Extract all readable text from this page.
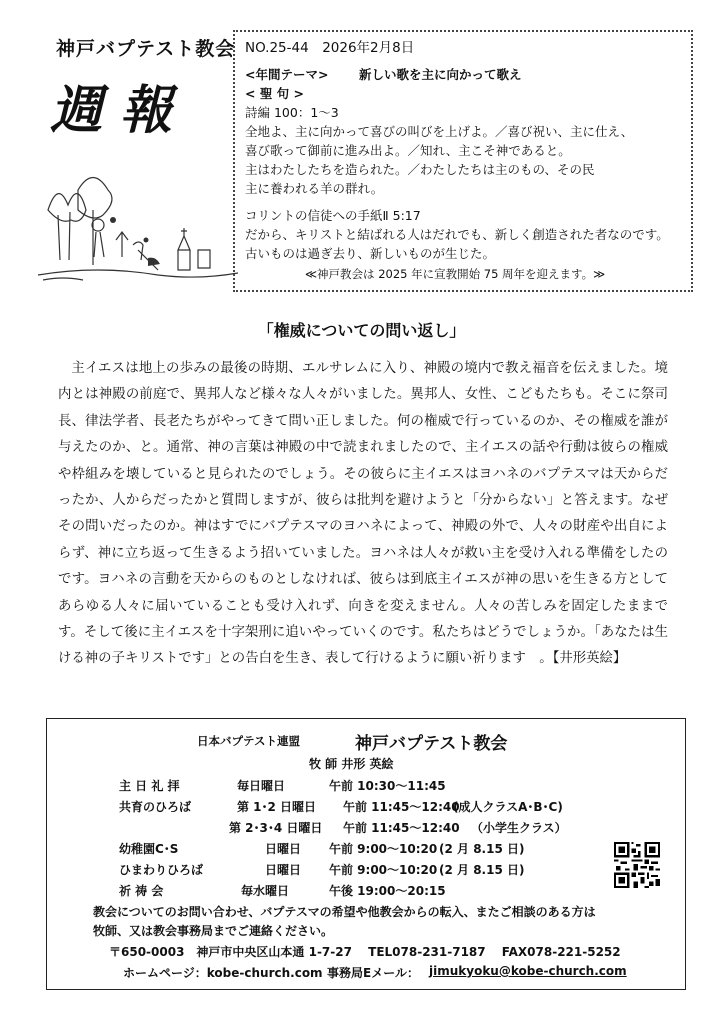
神戸バプテスト教会
週報
NO.25-44　2026年2月8日
<年間テーマ> 新しい歌を主に向かって歌え
< 聖 句 >
詩編 100：1～3
全地よ、主に向かって喜びの叫びを上げよ。／喜び祝い、主に仕え、
喜び歌って御前に進み出よ。／知れ、主こそ神であると。
主はわたしたちを造られた。／わたしたちは主のもの、その民
主に養われる羊の群れ。
コリントの信徒への手紙Ⅱ 5:17
だから、キリストと結ばれる人はだれでも、新しく創造された者なのです。
古いものは過ぎ去り、新しいものが生じた。
≪神戸教会は 2025 年に宣教開始 75 周年を迎えます。≫
「権威についての問い返し」

主イエスは地上の歩みの最後の時期、エルサレムに入り、神殿の境内で教え福音を伝えました。境内とは神殿の前庭で、異邦人など様々な人々がいました。異邦人、女性、こどもたちも。そこに祭司長、律法学者、長老たちがやってきて問い正しました。何の権威で行っているのか、その権威を誰が与えたのか、と。通常、神の言葉は神殿の中で読まれましたので、主イエスの話や行動は彼らの権威や枠組みを壊していると見られたのでしょう。その彼らに主イエスはヨハネのバプテスマは天からだったか、人からだったかと質問しますが、彼らは批判を避けようと「分からない」と答えます。なぜその問いだったのか。神はすでにバプテスマのヨハネによって、神殿の外で、人々の財産や出自によらず、神に立ち返って生きるよう招いていました。ヨハネは人々が救い主を受け入れる準備をしたのです。ヨハネの言動を天からのものとしなければ、彼らは到底主イエスが神の思いを生きる方としてあらゆる人々に届いていることも受け入れず、向きを変えません。人々の苦しみを固定したままです。そして後に主イエスを十字架刑に追いやっていくのです。私たちはどうでしょうか。「あなたは生ける神の子キリストです」との告白を生き、表して行けるように願い祈ります　。【井形英絵】

日本バプテスト連盟	神戸バプテスト教会
牧 師 井形 英絵
主 日 礼 拝	毎日曜日	午前 10:30～11:45
共育のひろば	第 1･2 日曜日 午前 11:45～12:40
(成人クラスA･B･C)
第 2･3･4 日曜日 午前 11:45～12:40 （小学生クラス）
幼稚園C･S	日曜日 午前 9:00～10:20 (2 月 8.15 日)
ひまわりひろば	日曜日 午前 9:00～10:20 (2 月 8.15 日)
祈 祷 会	毎水曜日	午後 19:00～20:15
教会についてのお問い合わせ、バプテスマの希望や他教会からの転入、またご相談のある方は
牧師、又は教会事務局までご連絡ください。
〒650-0003　神戸市中央区山本通 1-7-27　 TEL078-231-7187　 FAX078-221-5252
ホームページ：kobe-church.com 事務局Eメール： jimukyoku@kobe-church.com
